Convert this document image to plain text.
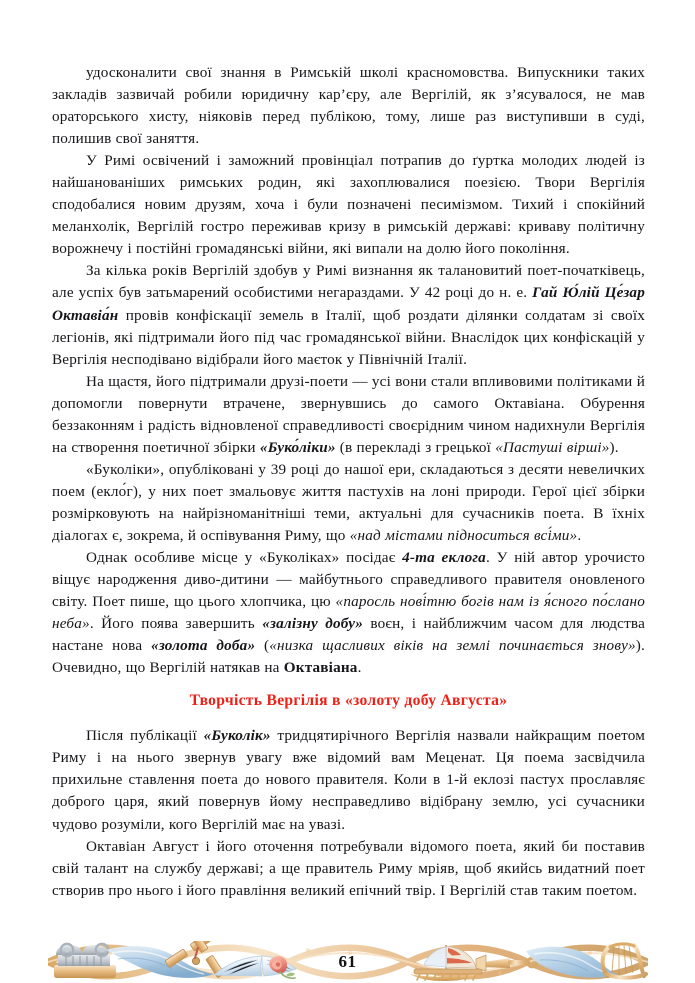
удосконалити свої знання в Римській школі красномовства. Випускники таких закладів зазвичай робили юридичну кар’єру, але Вергілій, як з’ясувалося, не мав ораторського хисту, ніяковів перед публікою, тому, лише раз виступивши в суді, полишив свої заняття.

У Римі освічений і заможний провінціал потрапив до ґуртка молодих людей із найшанованіших римських родин, які захоплювалися поезією. Твори Вергілія сподобалися новим друзям, хоча і були позначені песимізмом. Тихий і спокійний меланхолік, Вергілій гостро переживав кризу в римській державі: криваву політичну ворожнечу і постійні громадянські війни, які випали на долю його покоління.

За кілька років Вергілій здобув у Римі визнання як талановитий поет-початківець, але успіх був затьмарений особистими негараздами. У 42 році до н. е. Гай Ю́лій Це́зар Октавіа́н провів конфіскації земель в Італії, щоб роздати ділянки солдатам зі своїх легіонів, які підтримали його під час громадянської війни. Внаслідок цих конфіскацій у Вергілія несподівано відібрали його маєток у Північній Італії.

На щастя, його підтримали друзі-поети — усі вони стали впливовими політиками й допомогли повернути втрачене, звернувшись до самого Октавіана. Обурення беззаконням і радість відновленої справедливості своєрідним чином надихнули Вергілія на створення поетичної збірки «Буко́ліки» (в перекладі з грецької «Пастуші вірші»).

«Буколіки», опубліковані у 39 році до нашої ери, складаються з десяти невеличких поем (екло́г), у них поет змальовує життя пастухів на лоні природи. Герої цієї збірки розмірковують на найрізноманітніші теми, актуальні для сучасників поета. В їхніх діалогах є, зокрема, й оспівування Риму, що «над містами підноситься всі́ми».

Однак особливе місце у «Буколіках» посідає 4-та еклога. У ній автор урочисто віщує народження диво-дитини — майбутнього справедливого правителя оновленого світу. Поет пише, що цього хлопчика, цю «паросль нові́тню богів нам із я́сного по́слано неба». Його поява завершить «залізну добу» воєн, і найближчим часом для людства настане нова «золота доба» («низка щасливих віків на землі починається знову»). Очевидно, що Вергілій натякав на Октавіана.

Творчість Вергілія в «золоту добу Августа»

Після публікації «Буколік» тридцятирічного Вергілія назвали найкращим поетом Риму і на нього звернув увагу вже відомий вам Меценат. Ця поема засвідчила прихильне ставлення поета до нового правителя. Коли в 1-й еклозі пастух прославляє доброго царя, який повернув йому несправедливо відібрану землю, усі сучасники чудово розуміли, кого Вергілій має на увазі.

Октавіан Август і його оточення потребували відомого поета, який би поставив свій талант на службу державі; а ще правитель Риму мріяв, щоб якийсь видатний поет створив про нього і його правління великий епічний твір. І Вергілій став таким поетом.

61
